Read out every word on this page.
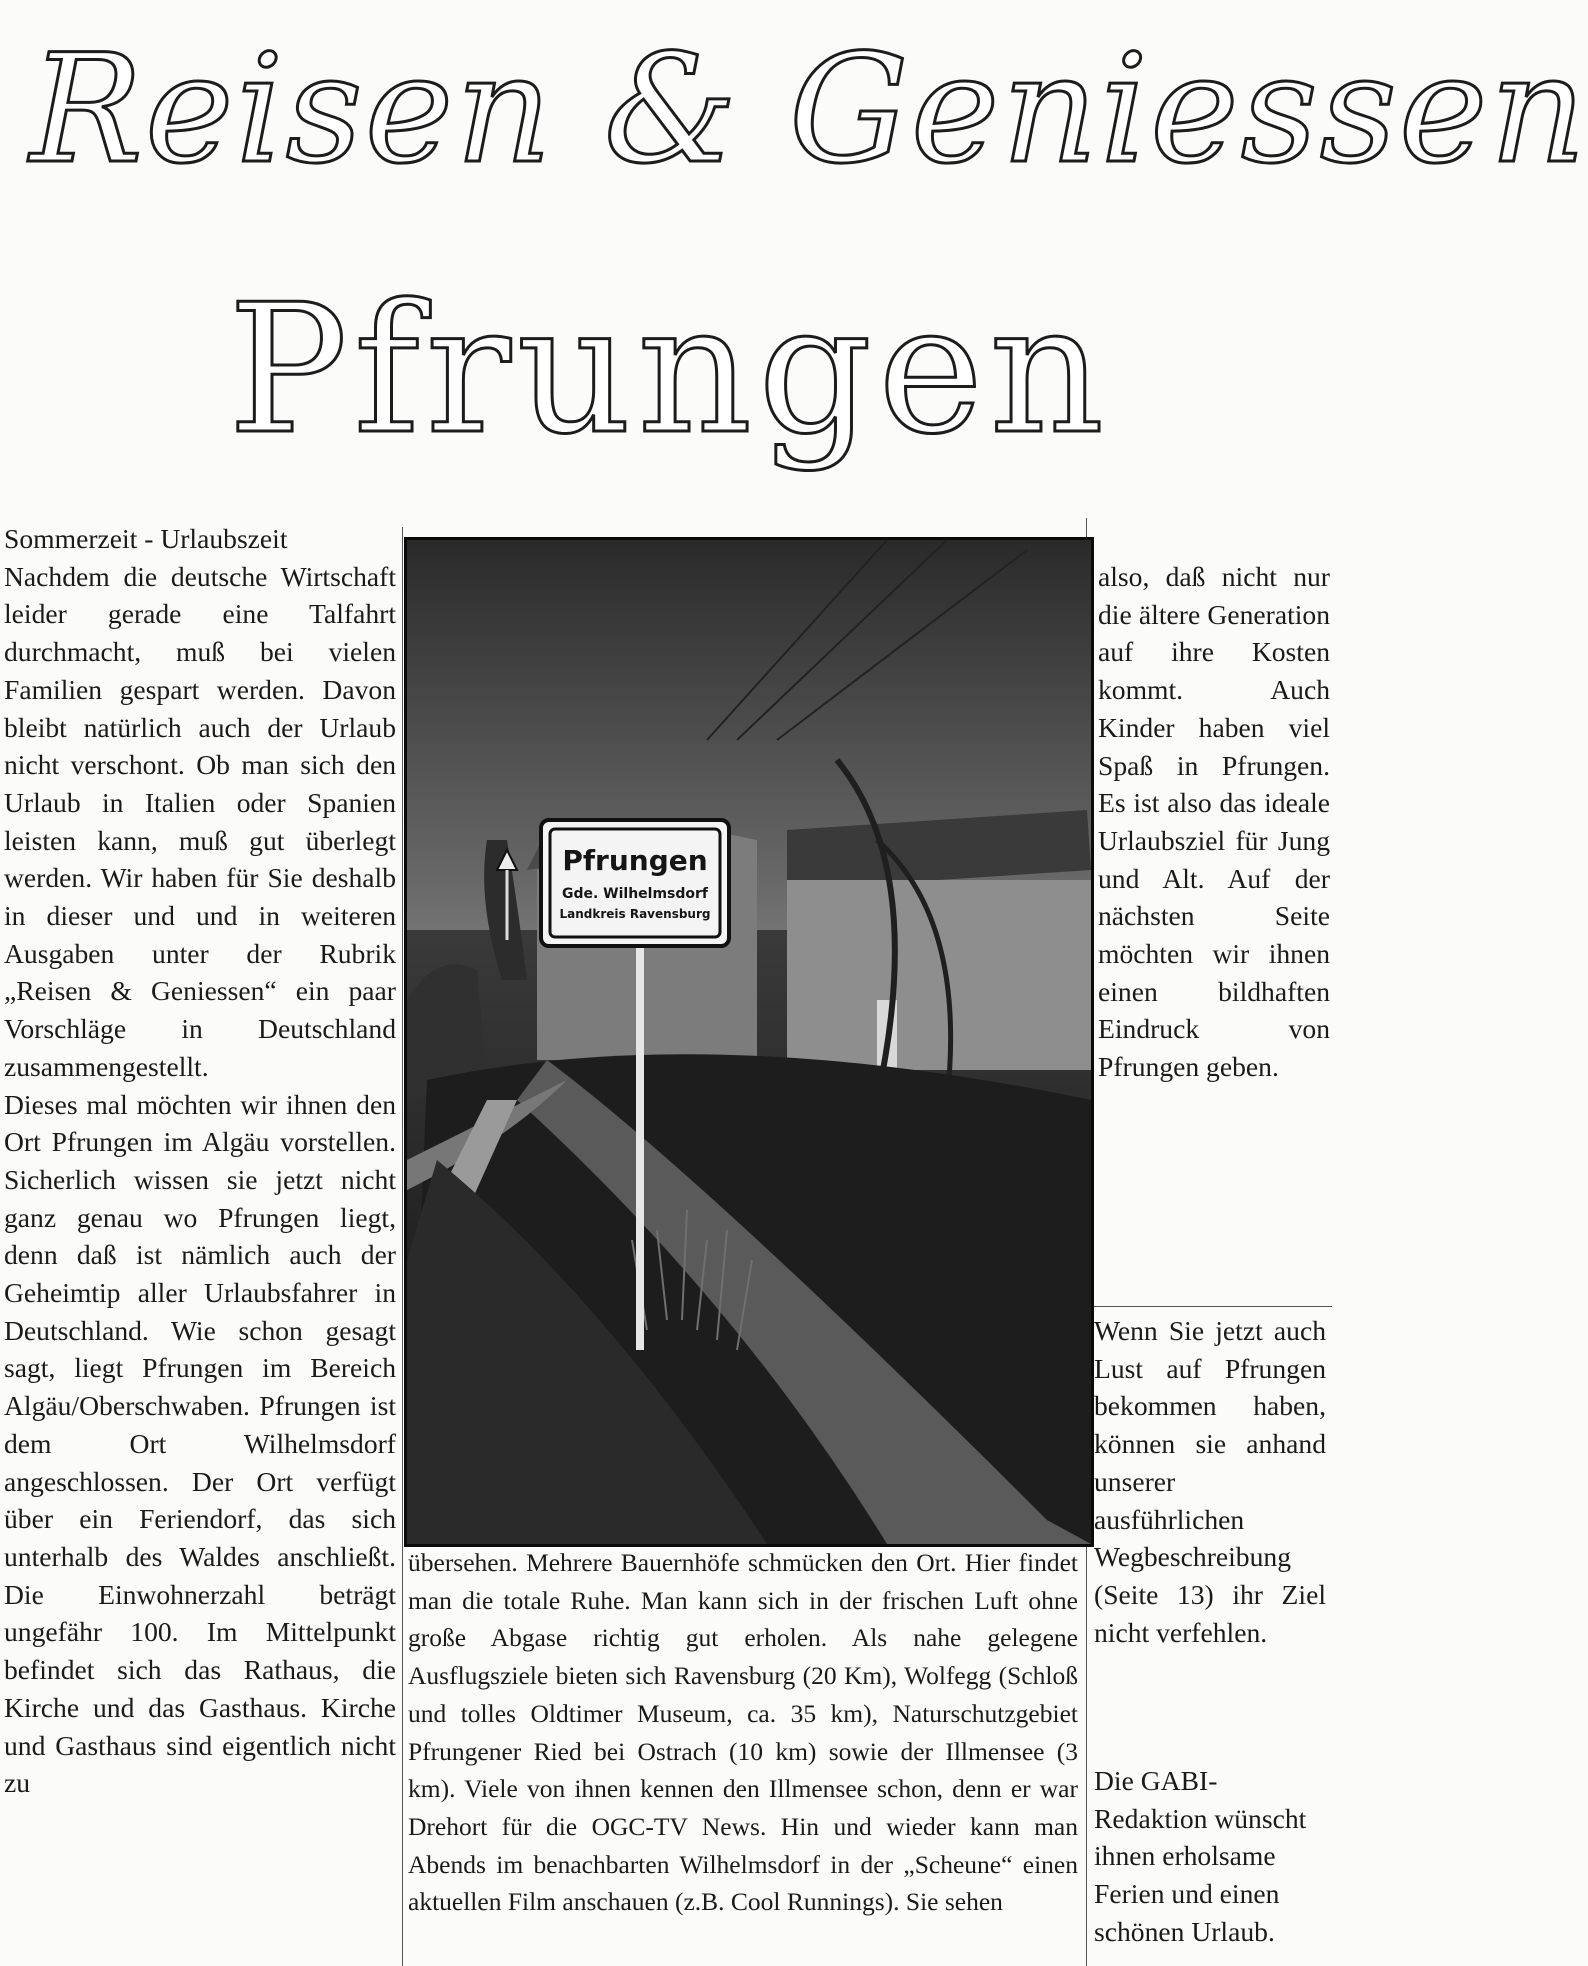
Reisen & Geniessen
Pfrungen

Sommerzeit - Urlaubszeit

Nachdem die deutsche Wirtschaft leider gerade eine Talfahrt durchmacht, muß bei vielen Familien gespart werden. Davon bleibt natürlich auch der Urlaub nicht verschont. Ob man sich den Urlaub in Italien oder Spanien leisten kann, muß gut überlegt werden. Wir haben für Sie deshalb in dieser und und in weiteren Ausgaben unter der Rubrik „Reisen & Geniessen“ ein paar Vorschläge in Deutschland zusammengestellt.

Dieses mal möchten wir ihnen den Ort Pfrungen im Algäu vorstellen. Sicherlich wissen sie jetzt nicht ganz genau wo Pfrungen liegt, denn daß ist nämlich auch der Geheimtip aller Urlaubsfahrer in Deutschland. Wie schon gesagt sagt, liegt Pfrungen im Bereich Algäu/Oberschwaben. Pfrungen ist dem Ort Wilhelmsdorf angeschlossen. Der Ort verfügt über ein Feriendorf, das sich unterhalb des Waldes anschließt. Die Einwohnerzahl beträgt ungefähr 100. Im Mittelpunkt befindet sich das Rathaus, die Kirche und das Gasthaus. Kirche und Gasthaus sind eigentlich nicht zu

Pfrungen
Gde. Wilhelmsdorf
Landkreis Ravensburg
also, daß nicht nur die ältere Generation auf ihre Kosten kommt. Auch Kinder haben viel Spaß in Pfrungen. Es ist also das ideale Urlaubsziel für Jung und Alt. Auf der nächsten Seite möchten wir ihnen einen bildhaften Eindruck von Pfrungen geben.
Wenn Sie jetzt auch Lust auf Pfrungen bekommen haben, können sie anhand unserer ausführlichen Wegbeschreibung (Seite 13) ihr Ziel nicht verfehlen.
Die GABI-Redaktion wünscht ihnen erholsame Ferien und einen schönen Urlaub.
übersehen. Mehrere Bauernhöfe schmücken den Ort. Hier findet man die totale Ruhe. Man kann sich in der frischen Luft ohne große Abgase richtig gut erholen. Als nahe gelegene Ausflugsziele bieten sich Ravensburg (20 Km), Wolfegg (Schloß und tolles Oldtimer Museum, ca. 35 km), Naturschutzgebiet Pfrungener Ried bei Ostrach (10 km) sowie der Illmensee (3 km). Viele von ihnen kennen den Illmensee schon, denn er war Drehort für die OGC-TV News. Hin und wieder kann man Abends im benachbarten Wilhelmsdorf in der „Scheune“ einen aktuellen Film anschauen (z.B. Cool Runnings). Sie sehen
